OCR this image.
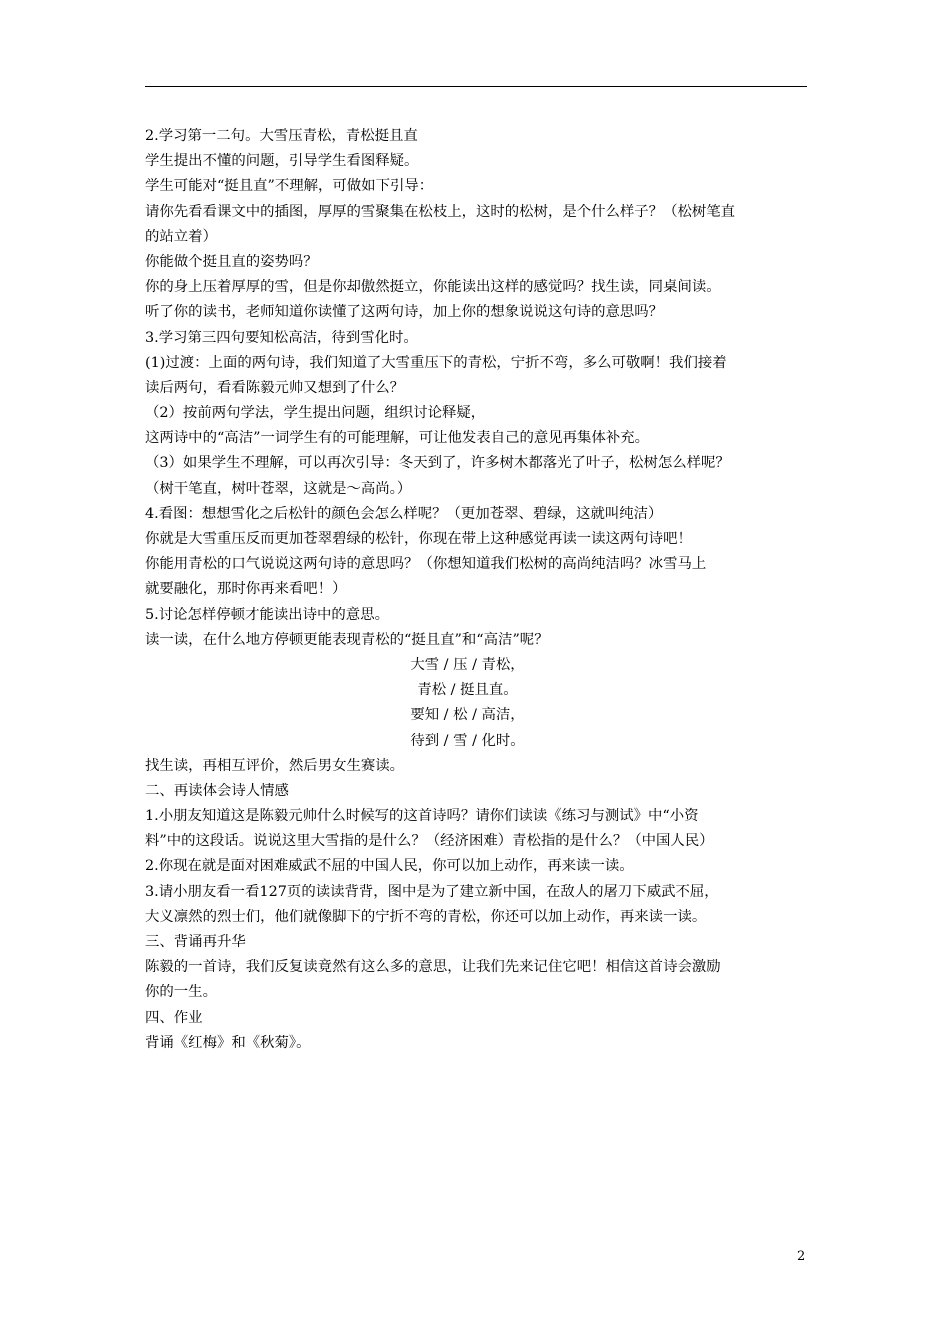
2.学习第一二句。大雪压青松，青松挺且直
学生提出不懂的问题，引导学生看图释疑。
学生可能对“挺且直”不理解，可做如下引导：
请你先看看课文中的插图，厚厚的雪聚集在松枝上，这时的松树，是个什么样子？（松树笔直
的站立着）
你能做个挺且直的姿势吗？
你的身上压着厚厚的雪，但是你却傲然挺立，你能读出这样的感觉吗？找生读，同桌间读。
听了你的读书，老师知道你读懂了这两句诗，加上你的想象说说这句诗的意思吗？
3.学习第三四句要知松高洁，待到雪化时。
(1)过渡：上面的两句诗，我们知道了大雪重压下的青松，宁折不弯，多么可敬啊！我们接着
读后两句，看看陈毅元帅又想到了什么？
（2）按前两句学法，学生提出问题，组织讨论释疑，
这两诗中的“高洁”一词学生有的可能理解，可让他发表自己的意见再集体补充。
（3）如果学生不理解，可以再次引导：冬天到了，许多树木都落光了叶子，松树怎么样呢？
（树干笔直，树叶苍翠，这就是～高尚。）
4.看图：想想雪化之后松针的颜色会怎么样呢？（更加苍翠、碧绿，这就叫纯洁）
你就是大雪重压反而更加苍翠碧绿的松针，你现在带上这种感觉再读一读这两句诗吧！
你能用青松的口气说说这两句诗的意思吗？（你想知道我们松树的高尚纯洁吗？冰雪马上
就要融化，那时你再来看吧！）
5.讨论怎样停顿才能读出诗中的意思。
读一读，在什么地方停顿更能表现青松的“挺且直”和“高洁”呢？
大雪 / 压 / 青松，
青松 / 挺且直。
要知 / 松 / 高洁，
待到 / 雪 / 化时。
找生读，再相互评价，然后男女生赛读。
二、再读体会诗人情感
1.小朋友知道这是陈毅元帅什么时候写的这首诗吗？请你们读读《练习与测试》中“小资
料”中的这段话。说说这里大雪指的是什么？（经济困难）青松指的是什么？（中国人民）
2.你现在就是面对困难威武不屈的中国人民，你可以加上动作，再来读一读。
3.请小朋友看一看127页的读读背背，图中是为了建立新中国，在敌人的屠刀下威武不屈，
大义凛然的烈士们，他们就像脚下的宁折不弯的青松，你还可以加上动作，再来读一读。
三、背诵再升华
陈毅的一首诗，我们反复读竟然有这么多的意思，让我们先来记住它吧！相信这首诗会激励
你的一生。
四、作业
背诵《红梅》和《秋菊》。
2
